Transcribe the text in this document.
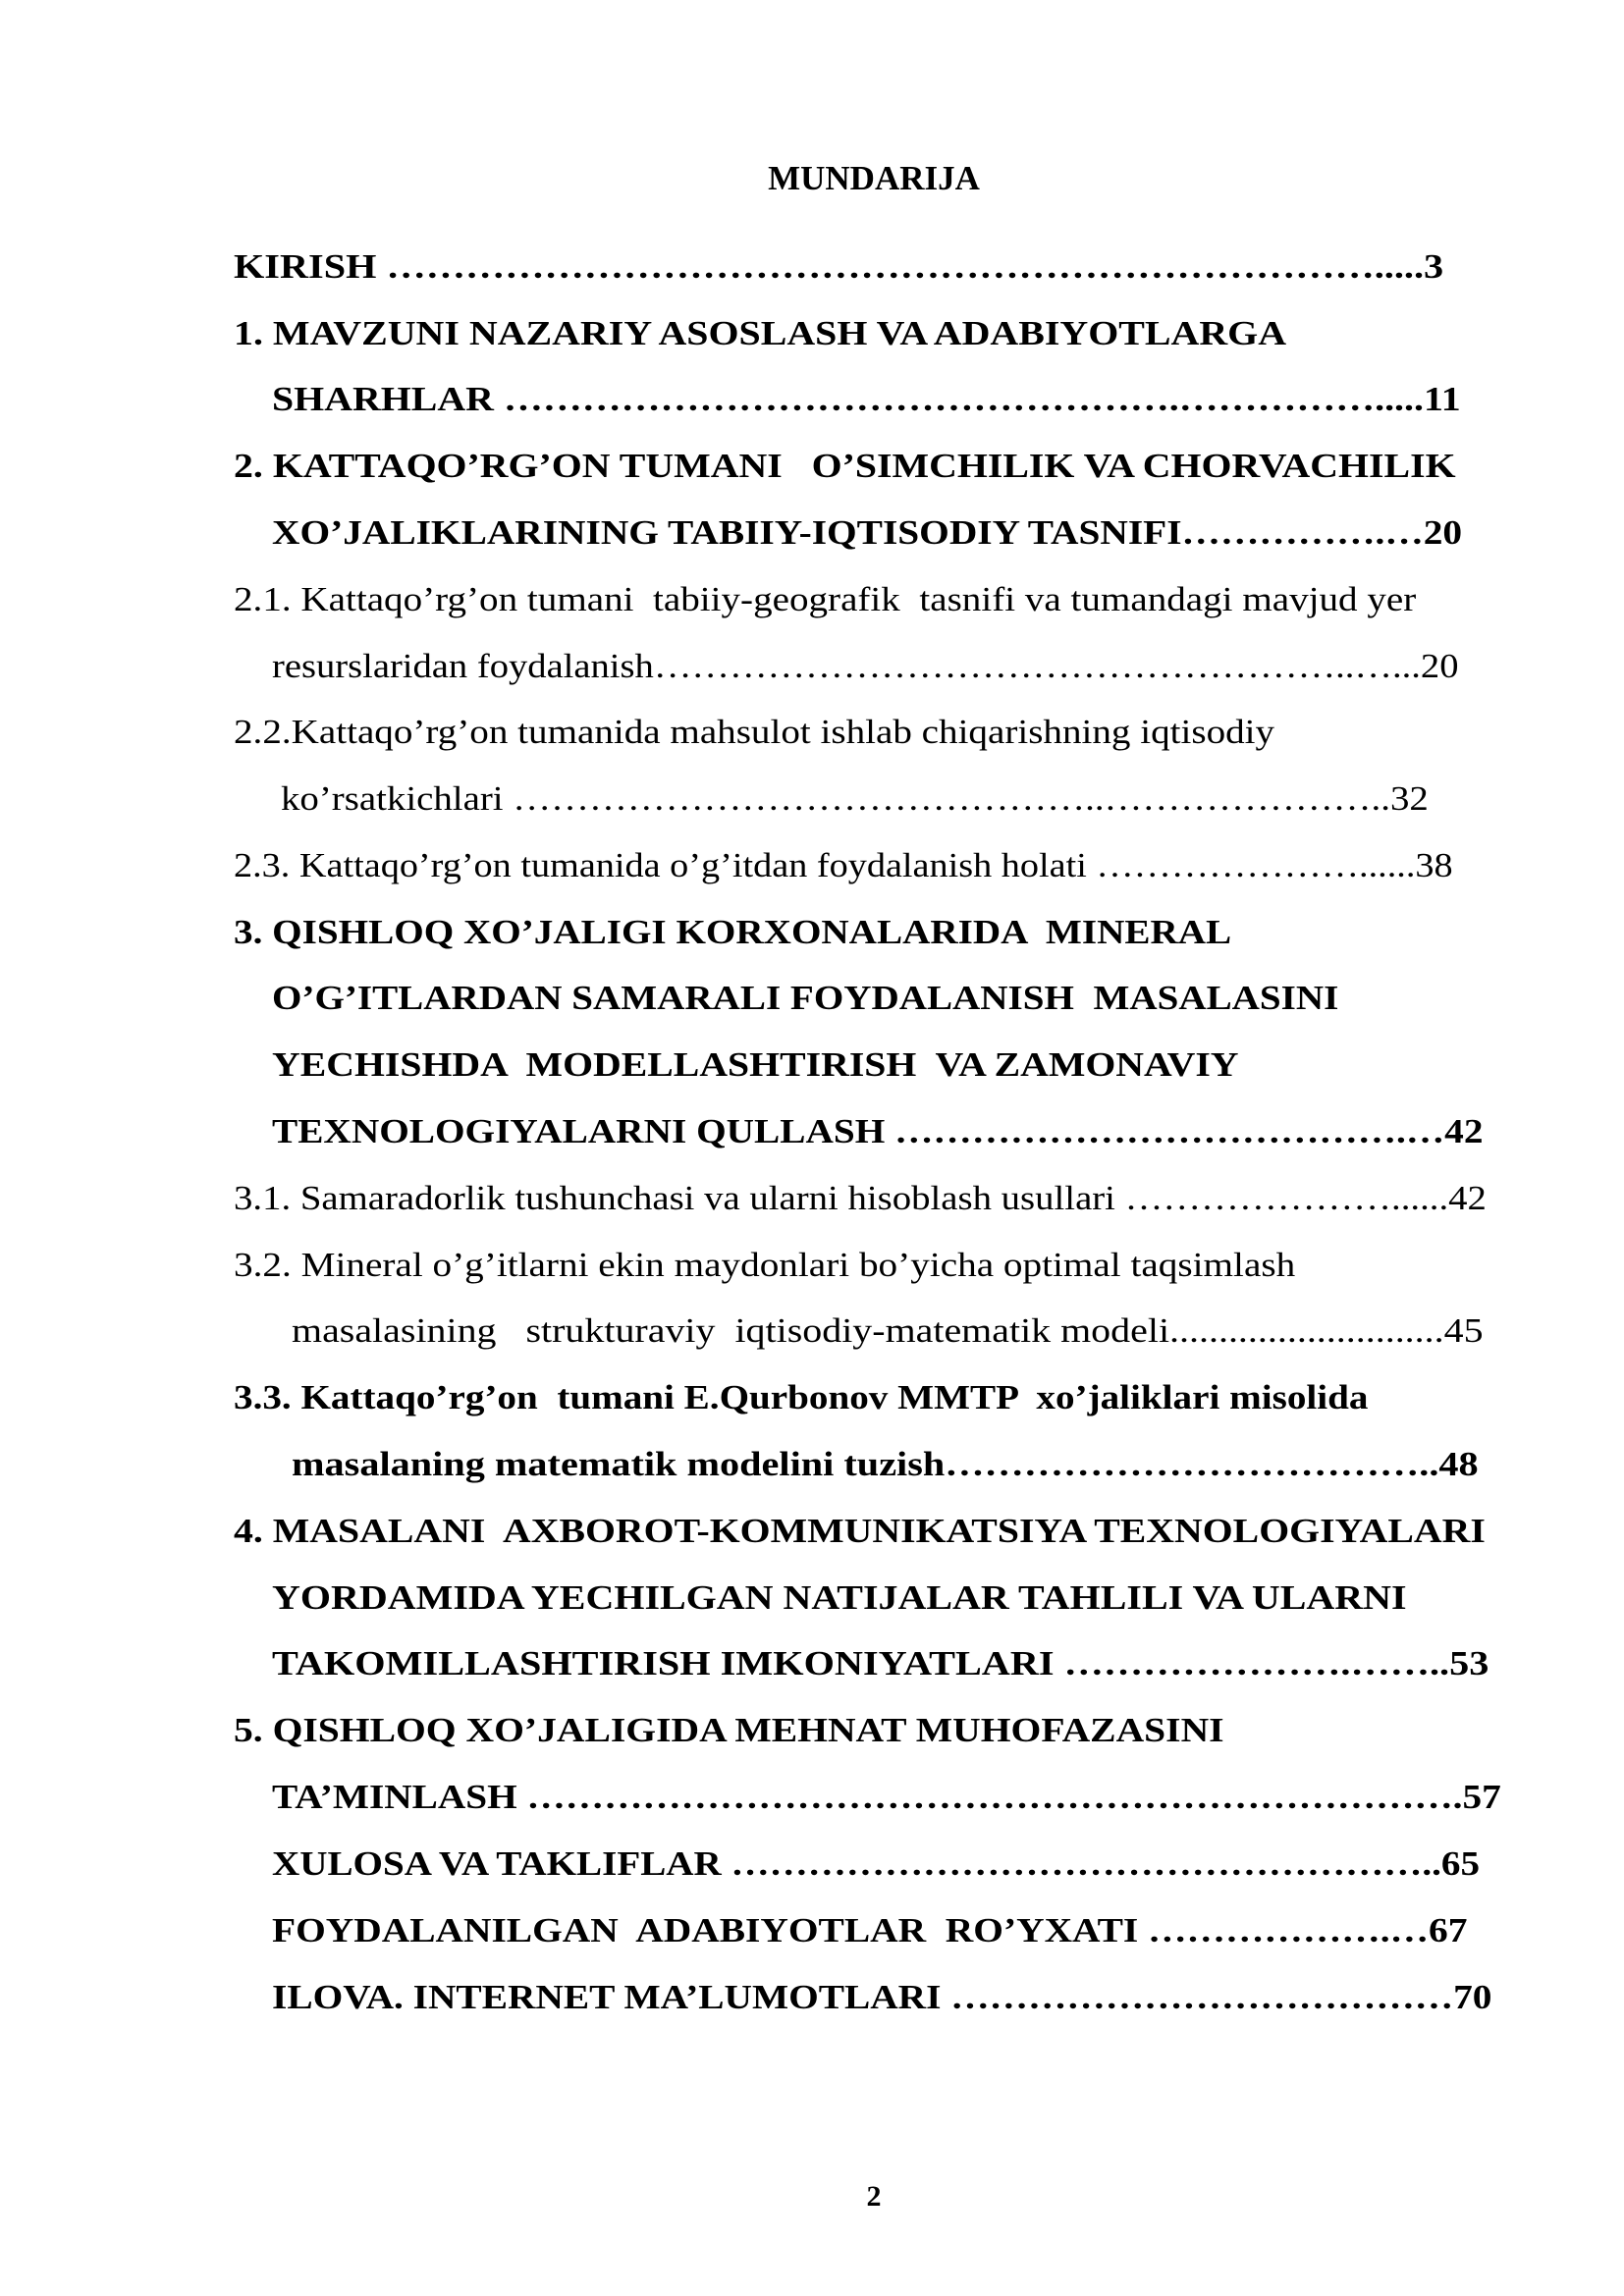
MUNDARIJA
KIRISH ………………………………………………………………….....3
1. MAVZUNI NAZARIY ASOSLASH VA ADABIYOTLARGA
SHARHLAR …………………………………………….…………….....11
2. KATTAQO’RG’ON TUMANI   O’SIMCHILIK VA CHORVACHILIK
XO’JALIKLARINING TABIIY-IQTISODIY TASNIFI…………….…20
2.1. Kattaqo’rg’on tumani  tabiiy-geografik  tasnifi va tumandagi mavjud yer
resurslaridan foydalanish………………………………………………..…...20
2.2.Kattaqo’rg’on tumanida mahsulot ishlab chiqarishning iqtisodiy
ko’rsatkichlari ………………………………………..…………………..32
2.3. Kattaqo’rg’on tumanida o’g’itdan foydalanish holati …………………......38
3. QISHLOQ XO’JALIGI KORXONALARIDA  MINERAL
O’G’ITLARDAN SAMARALI FOYDALANISH  MASALASINI
YECHISHDA  MODELLASHTIRISH  VA ZAMONAVIY
TEXNOLOGIYALARNI QULLASH ………………………………….…42
3.1. Samaradorlik tushunchasi va ularni hisoblash usullari …………………......42
3.2. Mineral o’g’itlarni ekin maydonlari bo’yicha optimal taqsimlash
masalasining   strukturaviy  iqtisodiy-matematik modeli............................45
3.3. Kattaqo’rg’on  tumani E.Qurbonov MMTP  xo’jaliklari misolida
masalaning matematik modelini tuzish………………………………..48
4. MASALANI  AXBOROT-KOMMUNIKATSIYA TEXNOLOGIYALARI
YORDAMIDA YECHILGAN NATIJALAR TAHLILI VA ULARNI
TAKOMILLASHTIRISH IMKONIYATLARI ………………….……..53
5. QISHLOQ XO’JALIGIDA MEHNAT MUHOFAZASINI
TA’MINLASH ……………………………………………………………….57
XULOSA VA TAKLIFLAR ………………………………………………..65
FOYDALANILGAN  ADABIYOTLAR  RO’YXATI ……………….…67
ILOVA. INTERNET MA’LUMOTLARI …………………………………70
2
